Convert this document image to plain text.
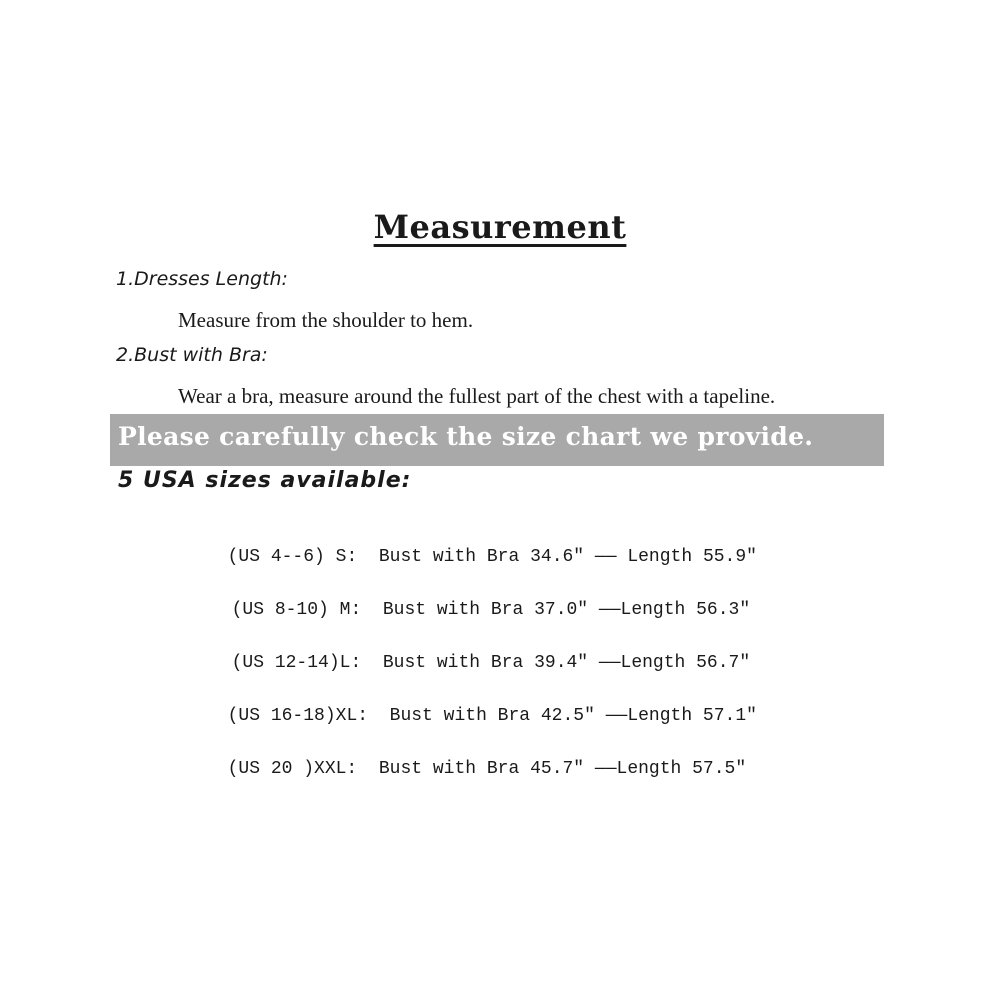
Measurement
1.Dresses Length:
Measure from the shoulder to hem.
2.Bust with Bra:
Wear a bra, measure around the fullest part of the chest with a tapeline.
Please carefully check the size chart we provide.
5 USA sizes available:

(US 4--6) S: Bust with Bra 34.6″ —— Length 55.9″

(US 8-10) M: Bust with Bra 37.0″ ——Length 56.3″

(US 12-14)L: Bust with Bra 39.4″ ——Length 56.7″

(US 16-18)XL: Bust with Bra 42.5″ ——Length 57.1″

(US 20 )XXL: Bust with Bra 45.7″ ——Length 57.5″
